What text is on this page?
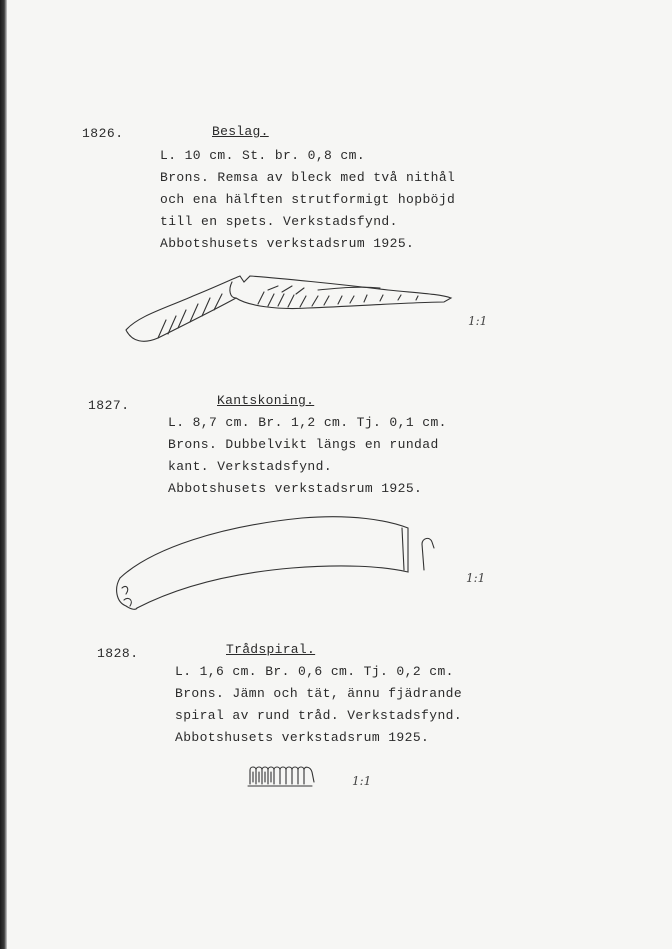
1826.	Beslag.
L. 10 cm. St. br. 0,8 cm.
Brons. Remsa av bleck med två nithål
och ena hälften strutformigt hopböjd
till en spets. Verkstadsfynd.
Abbotshusets verkstadsrum 1925.
1:1
1827.	Kantskoning.
L. 8,7 cm. Br. 1,2 cm. Tj. 0,1 cm.
Brons. Dubbelvikt längs en rundad
kant. Verkstadsfynd.
Abbotshusets verkstadsrum 1925.
1:1
1828.	Trådspiral.
L. 1,6 cm. Br. 0,6 cm. Tj. 0,2 cm.
Brons. Jämn och tät, ännu fjädrande
spiral av rund tråd. Verkstadsfynd.
Abbotshusets verkstadsrum 1925.
1:1
